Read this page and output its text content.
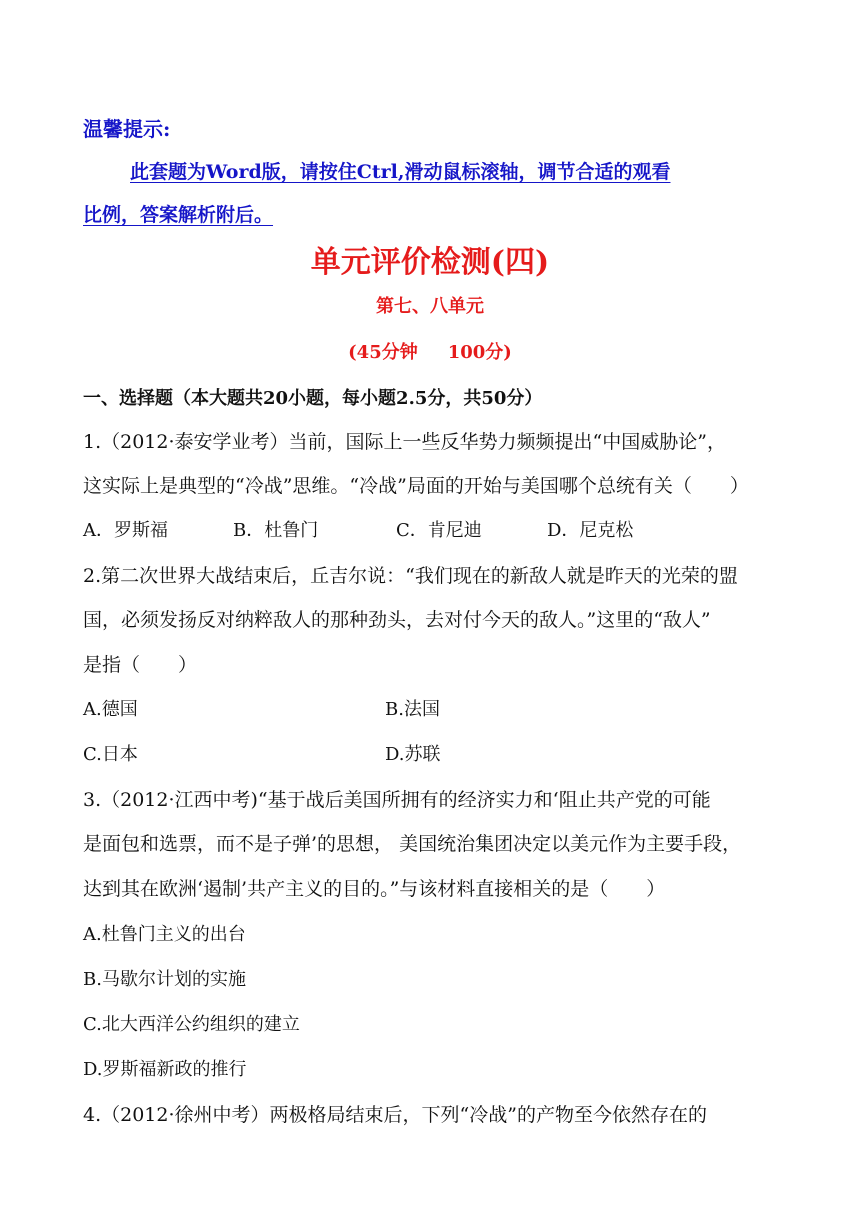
温馨提示:
此套题为Word版，请按住Ctrl,滑动鼠标滚轴，调节合适的观看
比例，答案解析附后。
单元评价检测(四)
第七、八单元
(45分钟 100分)
一、选择题（本大题共20小题，每小题2.5分，共50分）
1.（2012·泰安学业考）当前，国际上一些反华势力频频提出“中国威胁论”，
这实际上是典型的“冷战”思维。“冷战”局面的开始与美国哪个总统有关（　　）
A．罗斯福	B．杜鲁门	C．肯尼迪	D．尼克松
2.第二次世界大战结束后，丘吉尔说：“我们现在的新敌人就是昨天的光荣的盟
国，必须发扬反对纳粹敌人的那种劲头，去对付今天的敌人。”这里的“敌人”
是指（　　）
A.德国	B.法国
C.日本	D.苏联
3.（2012·江西中考)“基于战后美国所拥有的经济实力和‘阻止共产党的可能
是面包和选票，而不是子弹’的思想， 美国统治集团决定以美元作为主要手段，
达到其在欧洲‘遏制’共产主义的目的。”与该材料直接相关的是（　　）
A.杜鲁门主义的出台
B.马歇尔计划的实施
C.北大西洋公约组织的建立
D.罗斯福新政的推行
4.（2012·徐州中考）两极格局结束后，下列“冷战”的产物至今依然存在的
